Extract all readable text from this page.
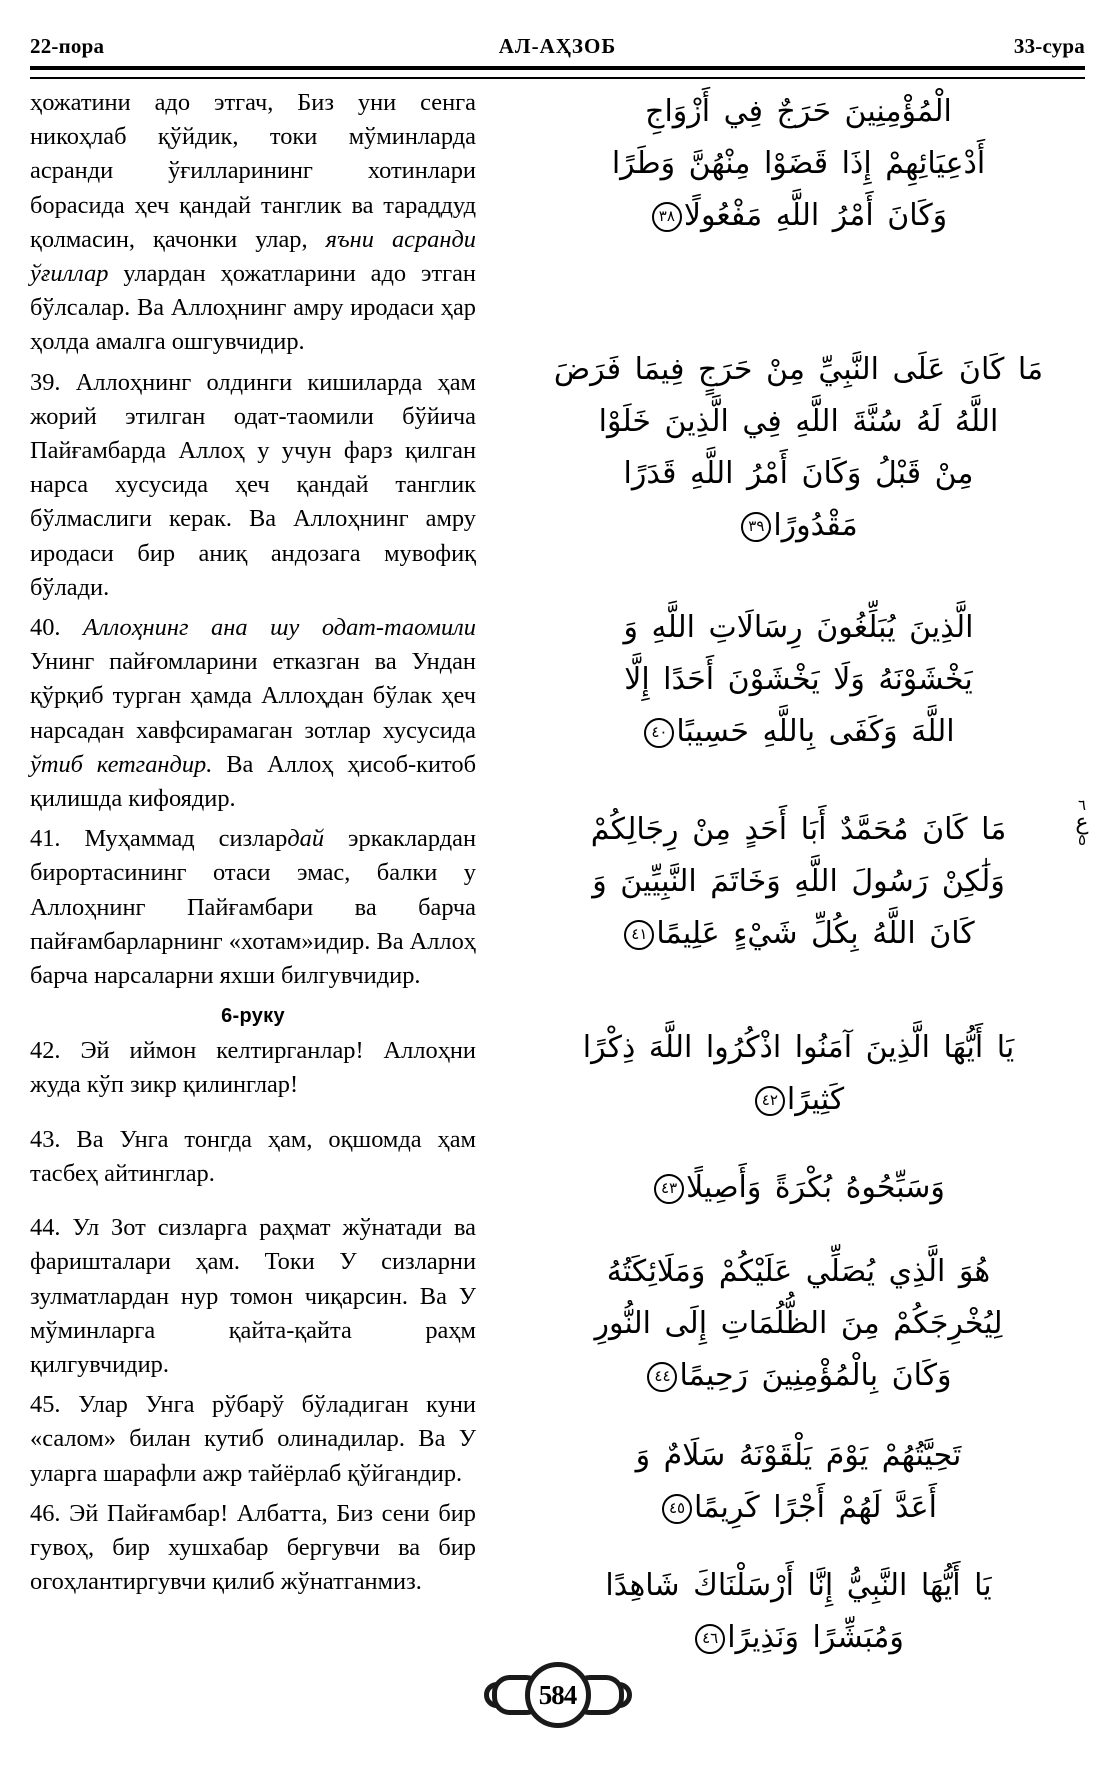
22-пора	АЛ-АҲЗОБ	33-сура

ҳожатини адо этгач, Биз уни сенга никоҳлаб қўйдик, токи мўминларда асранди ўғилларининг хотинлари борасида ҳеч қандай танглик ва тараддуд қолмасин, қачонки улар, яъни асранди ўғиллар улардан ҳожатларини адо этган бўлсалар. Ва Аллоҳнинг амру иродаси ҳар ҳолда амалга ошгувчидир.

39. Аллоҳнинг олдинги кишиларда ҳам жорий этилган одат-таомили бўйича Пайғамбарда Аллоҳ у учун фарз қилган нарса хусусида ҳеч қандай танглик бўлмаслиги керак. Ва Аллоҳнинг амру иродаси бир аниқ андозага мувофиқ бўлади.

40. Аллоҳнинг ана шу одат-таомили Унинг пайғомларини етказган ва Ундан қўрқиб турган ҳамда Аллоҳдан бўлак ҳеч нарсадан хавфсирамаган зотлар хусусида ўтиб кетгандир. Ва Аллоҳ ҳисоб-китоб қилишда кифоядир.

41. Муҳаммад сизлардай эркаклардан бирортасининг отаси эмас, балки у Аллоҳнинг Пайғамбари ва барча пайғамбарларнинг «хотам»идир. Ва Аллоҳ барча нарсаларни яхши билгувчидир.

6-руку

42. Эй иймон келтирганлар! Аллоҳни жуда кўп зикр қилинглар!

43. Ва Унга тонгда ҳам, оқшомда ҳам тасбеҳ айтинглар.

44. Ул Зот сизларга раҳмат жўнатади ва фаришталари ҳам. Токи У сизларни зулматлардан нур томон чиқарсин. Ва У мўминларга қайта-қайта раҳм қилгувчидир.

45. Улар Унга рўбарў бўладиган куни «салом» билан кутиб олинадилар. Ва У уларга шарафли ажр тайёрлаб қўйгандир.

46. Эй Пайғамбар! Албатта, Биз сени бир гувоҳ, бир хушхабар бергувчи ва бир огоҳлантиргувчи қилиб жўнатганмиз.

الْمُؤْمِنِينَ حَرَجٌ فِي أَزْوَاجِ
أَدْعِيَائِهِمْ إِذَا قَضَوْا مِنْهُنَّ وَطَرًا
وَكَانَ أَمْرُ اللَّهِ مَفْعُولًا٣٨
مَا كَانَ عَلَى النَّبِيِّ مِنْ حَرَجٍ فِيمَا فَرَضَ
اللَّهُ لَهُ سُنَّةَ اللَّهِ فِي الَّذِينَ خَلَوْا
مِنْ قَبْلُ وَكَانَ أَمْرُ اللَّهِ قَدَرًا
مَقْدُورًا٣٩
الَّذِينَ يُبَلِّغُونَ رِسَالَاتِ اللَّهِ وَ
يَخْشَوْنَهُ وَلَا يَخْشَوْنَ أَحَدًا إِلَّا
اللَّهَ وَكَفَى بِاللَّهِ حَسِيبًا٤٠
٦
ع
٥
مَا كَانَ مُحَمَّدٌ أَبَا أَحَدٍ مِنْ رِجَالِكُمْ
وَلَٰكِنْ رَسُولَ اللَّهِ وَخَاتَمَ النَّبِيِّينَ وَ
كَانَ اللَّهُ بِكُلِّ شَيْءٍ عَلِيمًا٤١
يَا أَيُّهَا الَّذِينَ آمَنُوا اذْكُرُوا اللَّهَ ذِكْرًا
كَثِيرًا٤٢
وَسَبِّحُوهُ بُكْرَةً وَأَصِيلًا٤٣
هُوَ الَّذِي يُصَلِّي عَلَيْكُمْ وَمَلَائِكَتُهُ
لِيُخْرِجَكُمْ مِنَ الظُّلُمَاتِ إِلَى النُّورِ
وَكَانَ بِالْمُؤْمِنِينَ رَحِيمًا٤٤
تَحِيَّتُهُمْ يَوْمَ يَلْقَوْنَهُ سَلَامٌ وَ
أَعَدَّ لَهُمْ أَجْرًا كَرِيمًا٤٥
يَا أَيُّهَا النَّبِيُّ إِنَّا أَرْسَلْنَاكَ شَاهِدًا
وَمُبَشِّرًا وَنَذِيرًا٤٦
584
